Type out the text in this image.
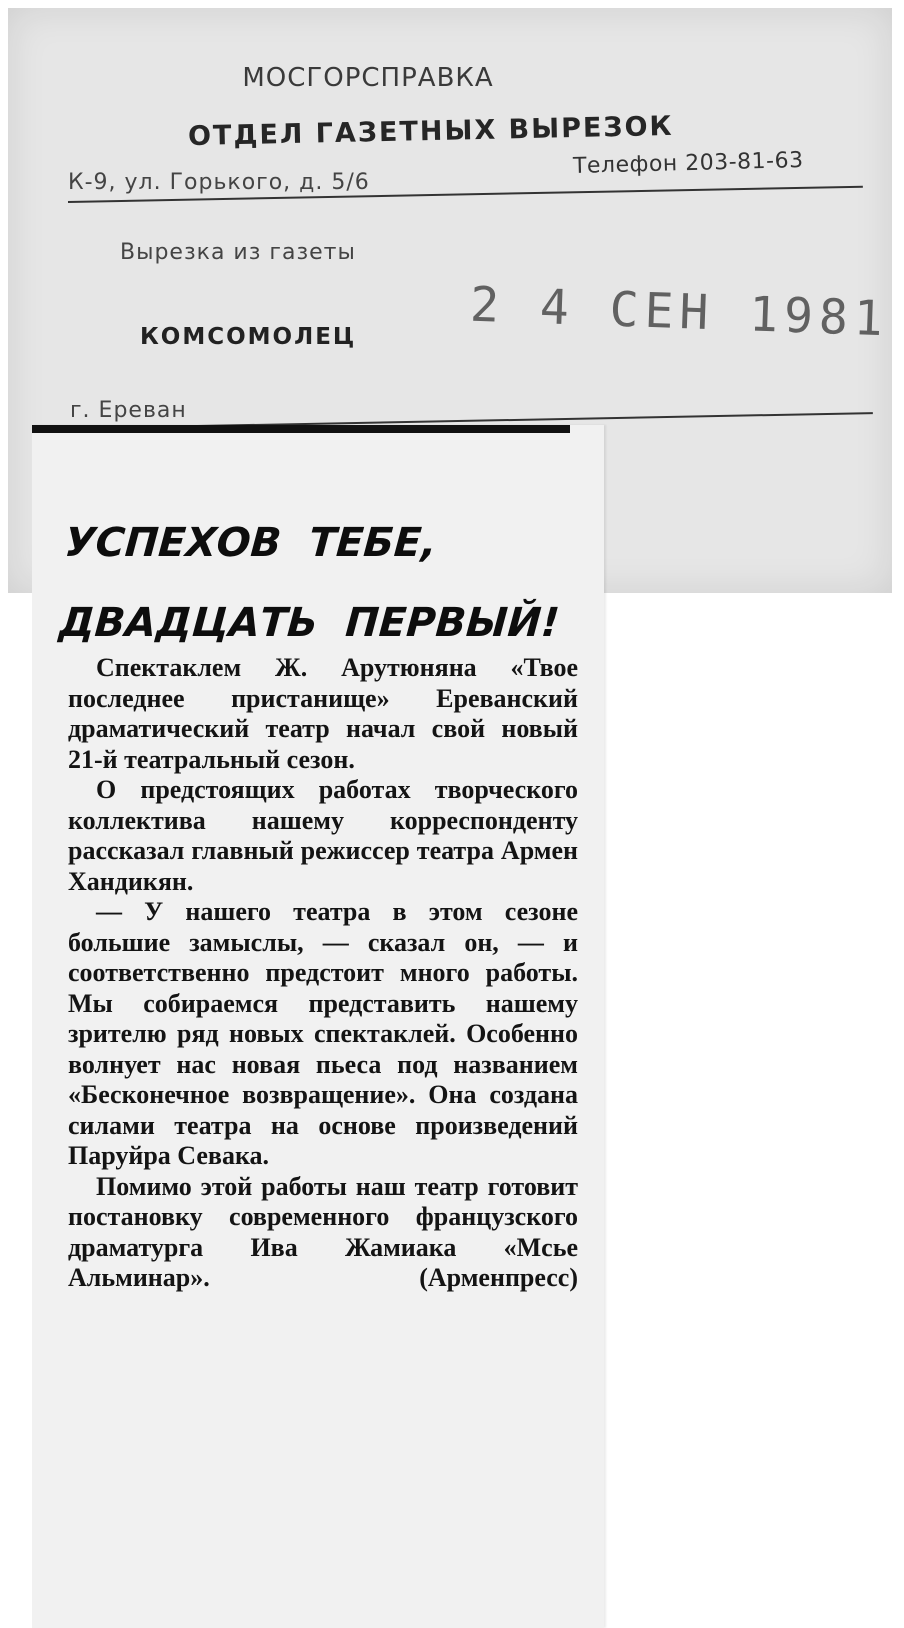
МОСГОРСПРАВКА
ОТДЕЛ ГАЗЕТНЫХ ВЫРЕЗОК
Телефон 203-81-63
К-9, ул. Горького, д. 5/6
Вырезка из газеты
КОМСОМОЛЕЦ 2 4 СЕН 1981
г. Ереван
УСПЕХОВ  ТЕБЕ,
ДВАДЦАТЬ  ПЕРВЫЙ!

Спектаклем Ж. Арутюняна «Твое последнее пристанище» Ереванский драматический театр начал свой новый 21-й театральный сезон.

О предстоящих работах творческого коллектива нашему корреспонденту рассказал главный режиссер театра Армен Хандикян.

— У нашего театра в этом сезоне большие замыслы, — сказал он, — и соответственно предстоит много работы. Мы собираемся представить нашему зрителю ряд новых спектаклей. Особенно волнует нас новая пьеса под названием «Бесконечное возвращение». Она создана силами театра на основе произведений Паруйра Севака.

Помимо этой работы наш театр готовит постановку современного французского драматурга Ива Жамиака «Мсье Альминар».	(Арменпресс)
